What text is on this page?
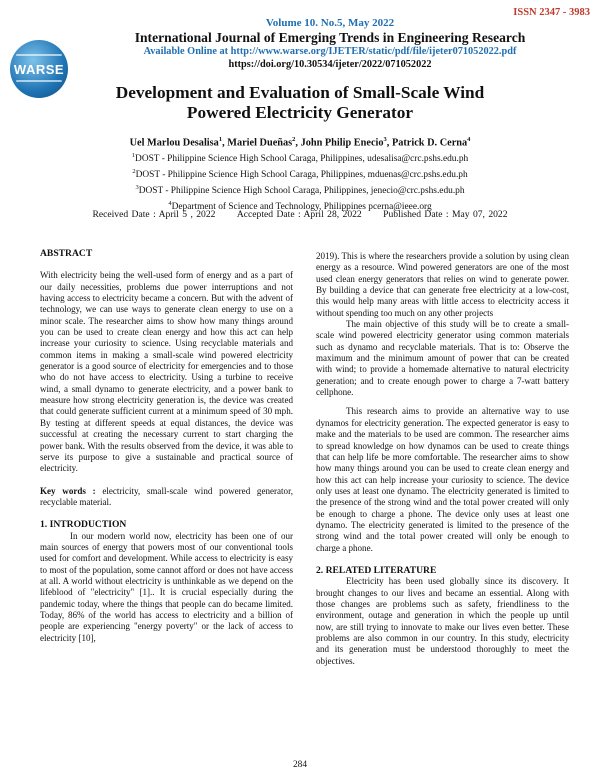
ISSN 2347 - 3983
WARSE
Volume 10. No.5, May 2022
International Journal of Emerging Trends in Engineering Research
Available Online at http://www.warse.org/IJETER/static/pdf/file/ijeter071052022.pdf
https://doi.org/10.30534/ijeter/2022/071052022
Development and Evaluation of Small-Scale Wind
Powered Electricity Generator
Uel Marlou Desalisa$^1$, Mariel Dueñas$^2$, John Philip Enecio$^3$, Patrick D. Cerna$^4$
$^1$DOST - Philippine Science High School Caraga, Philippines, udesalisa@crc.pshs.edu.ph
$^2$DOST - Philippine Science High School Caraga, Philippines, mduenas@crc.pshs.edu.ph
$^3$DOST - Philippine Science High School Caraga, Philippines, jenecio@crc.pshs.edu.ph
$^4$Department of Science and Technology, Philippines pcerna@ieee.org
Received Date : April 5 , 2022 Accepted Date : April 28, 2022 Published Date : May 07, 2022

ABSTRACT

With electricity being the well-used form of energy and as a part of our daily necessities, problems due power interruptions and not having access to electricity became a concern. But with the advent of technology, we can use ways to generate clean energy to use on a minor scale. The researcher aims to show how many things around you can be used to create clean energy and how this act can help increase your curiosity to science. Using recyclable materials and common items in making a small-scale wind powered electricity generator is a good source of electricity for emergencies and to those who do not have access to electricity. Using a turbine to receive wind, a small dynamo to generate electricity, and a power bank to measure how strong electricity generation is, the device was created that could generate sufficient current at a minimum speed of 30 mph. By testing at different speeds at equal distances, the device was successful at creating the necessary current to start charging the power bank. With the results observed from the device, it was able to serve its purpose to give a sustainable and practical source of electricity.

Key words : electricity, small-scale wind powered generator, recyclable material.

1. INTRODUCTION

In our modern world now, electricity has been one of our main sources of energy that powers most of our conventional tools used for comfort and development. While access to electricity is easy to most of the population, some cannot afford or does not have access at all. A world without electricity is unthinkable as we depend on the lifeblood of "electricity" [1].. It is crucial especially during the pandemic today, where the things that people can do became limited. Today, 86% of the world has access to electricity and a billion of people are experiencing "energy poverty" or the lack of access to electricity [10],

2019). This is where the researchers provide a solution by using clean energy as a resource. Wind powered generators are one of the most used clean energy generators that relies on wind to generate power. By building a device that can generate free electricity at a low-cost, this would help many areas with little access to electricity access it without spending too much on any other projects

The main objective of this study will be to create a small- scale wind powered electricity generator using common materials such as dynamo and recyclable materials. That is to: Observe the maximum and the minimum amount of power that can be created with wind; to provide a homemade alternative to natural electricity generation; and to create enough power to charge a 7-watt battery cellphone.

This research aims to provide an alternative way to use dynamos for electricity generation. The expected generator is easy to make and the materials to be used are common. The researcher aims to spread knowledge on how dynamos can be used to create things that can help life be more comfortable. The researcher aims to show how many things around you can be used to create clean energy and how this act can help increase your curiosity to science. The device only uses at least one dynamo. The electricity generated is limited to the presence of the strong wind and the total power created will only be enough to charge a phone. The device only uses at least one dynamo. The electricity generated is limited to the presence of the strong wind and the total power created will only be enough to charge a phone.

2. RELATED LITERATURE

Electricity has been used globally since its discovery. It brought changes to our lives and became an essential. Along with those changes are problems such as safety, friendliness to the environment, outage and generation in which the people up until now, are still trying to innovate to make our lives even better. These problems are also common in our country. In this study, electricity and its generation must be understood thoroughly to meet the objectives.

284
